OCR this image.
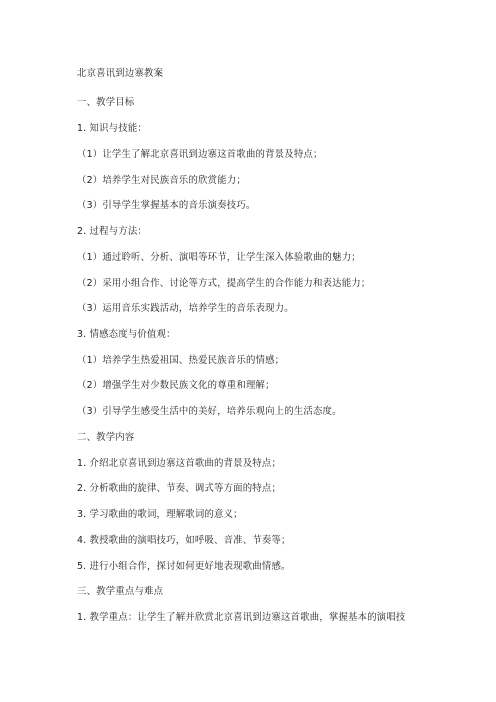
北京喜讯到边寨教案
一、教学目标
1. 知识与技能：
（1）让学生了解北京喜讯到边寨这首歌曲的背景及特点；
（2）培养学生对民族音乐的欣赏能力；
（3）引导学生掌握基本的音乐演奏技巧。
2. 过程与方法：
（1）通过聆听、分析、演唱等环节，让学生深入体验歌曲的魅力；
（2）采用小组合作、讨论等方式，提高学生的合作能力和表达能力；
（3）运用音乐实践活动，培养学生的音乐表现力。
3. 情感态度与价值观：
（1）培养学生热爱祖国、热爱民族音乐的情感；
（2）增强学生对少数民族文化的尊重和理解；
（3）引导学生感受生活中的美好，培养乐观向上的生活态度。
二、教学内容
1. 介绍北京喜讯到边寨这首歌曲的背景及特点；
2. 分析歌曲的旋律、节奏、调式等方面的特点；
3. 学习歌曲的歌词，理解歌词的意义；
4. 教授歌曲的演唱技巧，如呼吸、音准、节奏等；
5. 进行小组合作，探讨如何更好地表现歌曲情感。
三、教学重点与难点
1. 教学重点：让学生了解并欣赏北京喜讯到边寨这首歌曲，掌握基本的演唱技
